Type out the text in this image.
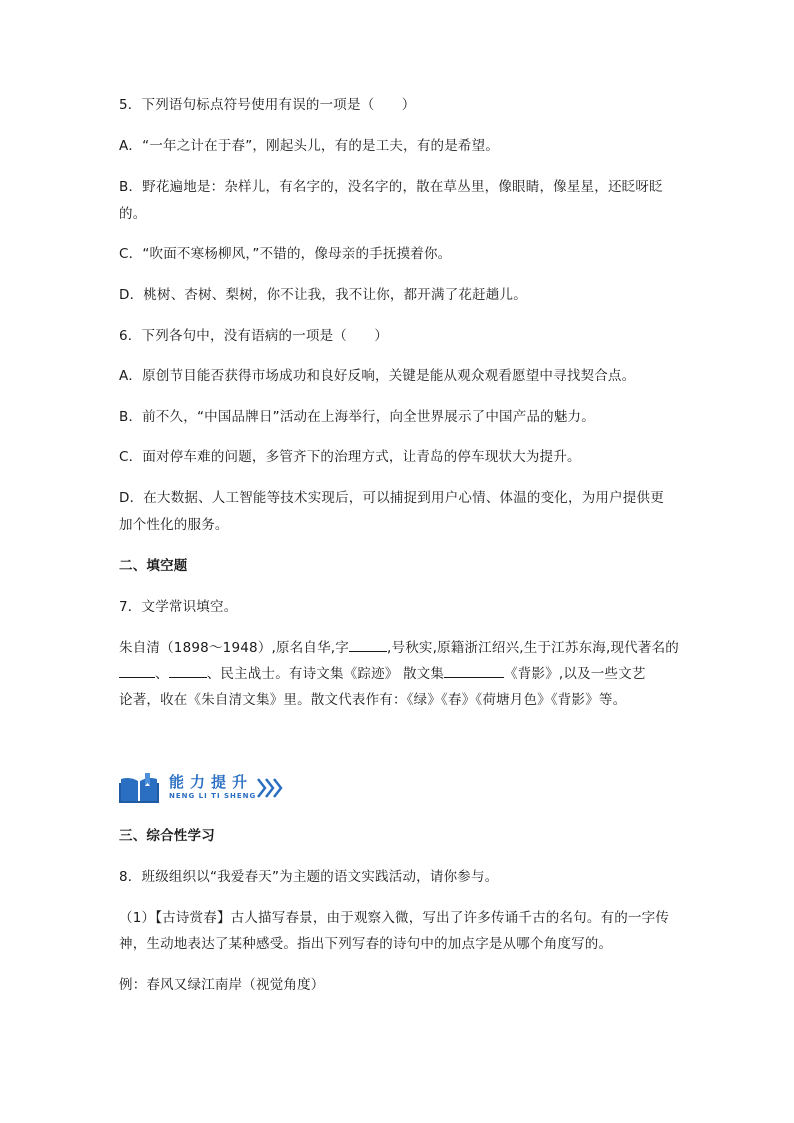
5．下列语句标点符号使用有误的一项是（　　）
A．“一年之计在于春”，刚起头儿，有的是工夫，有的是希望。
B．野花遍地是：杂样儿，有名字的，没名字的，散在草丛里，像眼睛，像星星，还眨呀眨
的。
C．“吹面不寒杨柳风，”不错的，像母亲的手抚摸着你。
D．桃树、杏树、梨树，你不让我，我不让你，都开满了花赶趟儿。
6．下列各句中，没有语病的一项是（　　）
A．原创节目能否获得市场成功和良好反响，关键是能从观众观看愿望中寻找契合点。
B．前不久，“中国品牌日”活动在上海举行，向全世界展示了中国产品的魅力。
C．面对停车难的问题，多管齐下的治理方式，让青岛的停车现状大为提升。
D．在大数据、人工智能等技术实现后，可以捕捉到用户心情、体温的变化，为用户提供更
加个性化的服务。
二、填空题
7．文学常识填空。
朱自清（1898～1948）,原名自华,字	,号秋实,原籍浙江绍兴,生于江苏东海,现代著名的
、	、民主战士。有诗文集《踪迹》 散文集	《背影》,以及一些文艺
论著，收在《朱自清文集》里。散文代表作有：《绿》《春》《荷塘月色》《背影》等。
能力提升
NENG LI TI SHENG
三、综合性学习
8．班级组织以“我爱春天”为主题的语文实践活动，请你参与。
（1）【古诗赏春】古人描写春景，由于观察入微，写出了许多传诵千古的名句。有的一字传
神，生动地表达了某种感受。指出下列写春的诗句中的加点字是从哪个角度写的。
例：春风又绿江南岸（视觉角度）
